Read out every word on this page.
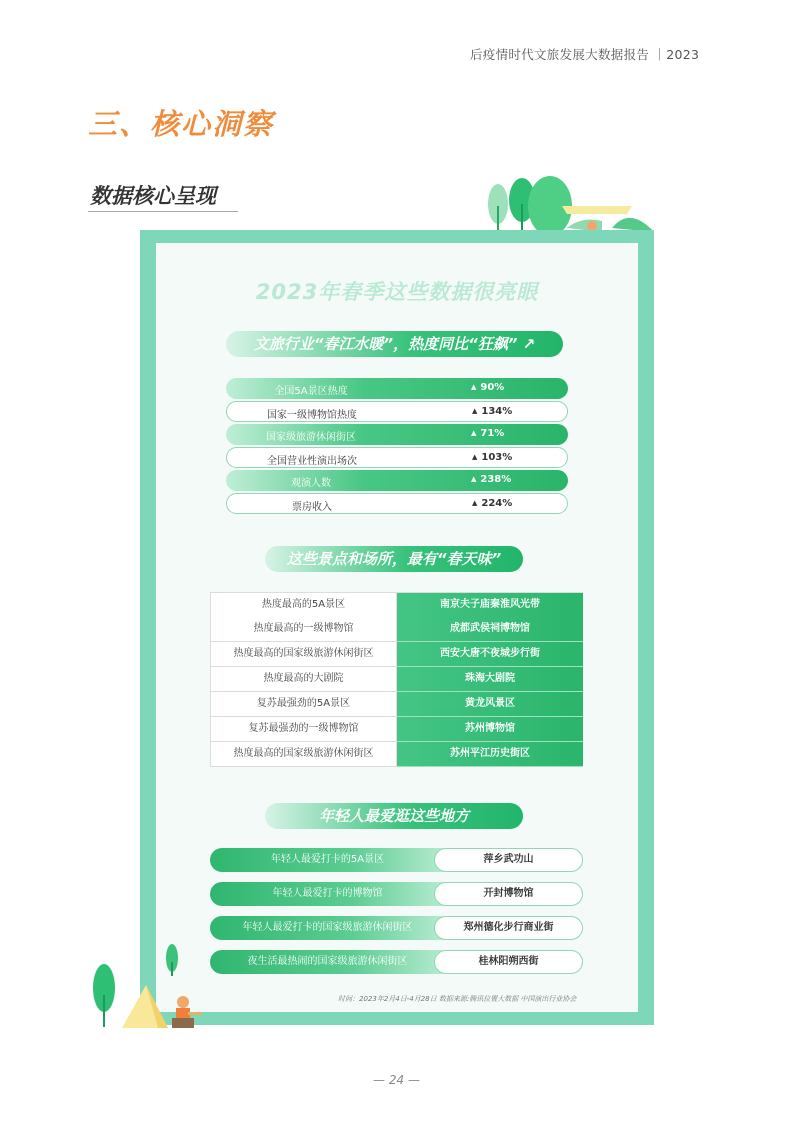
后疫情时代文旅发展大数据报告 ｜2023
三、核心洞察
数据核心呈现
2023年春季这些数据很亮眼
文旅行业“春江水暖”，热度同比“狂飙” ↗
全国5A景区热度	▲ 90%
国家一级博物馆热度	▲ 134%
国家级旅游休闲街区	▲ 71%
全国营业性演出场次	▲ 103%
观演人数	▲ 238%
票房收入	▲ 224%
这些景点和场所，最有“春天味”
热度最高的5A景区	南京夫子庙秦淮风光带
热度最高的一级博物馆	成都武侯祠博物馆
热度最高的国家级旅游休闲街区	西安大唐不夜城步行街
热度最高的大剧院	珠海大剧院
复苏最强劲的5A景区	黄龙风景区
复苏最强劲的一级博物馆	苏州博物馆
热度最高的国家级旅游休闲街区	苏州平江历史街区
年轻人最爱逛这些地方
年轻人最爱打卡的5A景区	萍乡武功山
年轻人最爱打卡的博物馆	开封博物馆
年轻人最爱打卡的国家级旅游休闲街区	郑州德化步行商业街
夜生活最热闹的国家级旅游休闲街区	桂林阳朔西街
时间：2023年2月4日-4月28日 数据来源:腾讯位置大数据 中国演出行业协会
— 24 —
